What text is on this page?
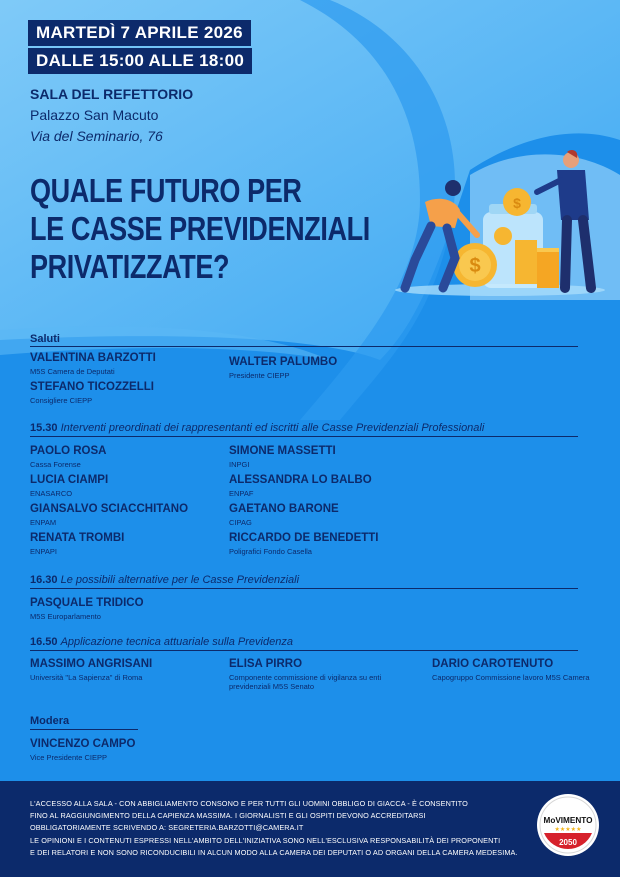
MARTEDÌ 7 APRILE 2026
DALLE 15:00 ALLE 18:00
SALA DEL REFETTORIO
Palazzo San Macuto
Via del Seminario, 76
QUALE FUTURO PER
LE CASSE PREVIDENZIALI
PRIVATIZZATE?	$
$
Saluti
VALENTINA BARZOTTI
M5S Camera de Deputati
STEFANO TICOZZELLI
Consigliere CIEPP
WALTER PALUMBO
Presidente CIEPP
15.30 Interventi preordinati dei rappresentanti ed iscritti alle Casse Previdenziali Professionali
PAOLO ROSA
Cassa Forense
LUCIA CIAMPI
ENASARCO
GIANSALVO SCIACCHITANO
ENPAM
RENATA TROMBI
ENPAPI
SIMONE MASSETTI
INPGI
ALESSANDRA LO BALBO
ENPAF
GAETANO BARONE
CIPAG
RICCARDO DE BENEDETTI
Poligrafici Fondo Casella
16.30 Le possibili alternative per le Casse Previdenziali
PASQUALE TRIDICO
M5S Europarlamento
16.50 Applicazione tecnica attuariale sulla Previdenza
MASSIMO ANGRISANI
Università "La Sapienza" di Roma
ELISA PIRRO
Componente commissione di vigilanza su enti previdenziali M5S Senato
DARIO CAROTENUTO
Capogruppo Commissione lavoro M5S Camera
Modera
VINCENZO CAMPO
Vice Presidente CIEPP
L'ACCESSO ALLA SALA - CON ABBIGLIAMENTO CONSONO E PER TUTTI GLI UOMINI OBBLIGO DI GIACCA - È CONSENTITO
FINO AL RAGGIUNGIMENTO DELLA CAPIENZA MASSIMA. I GIORNALISTI E GLI OSPITI DEVONO ACCREDITARSI
OBBLIGATORIAMENTE SCRIVENDO A: SEGRETERIA.BARZOTTI@CAMERA.IT
LE OPINIONI E I CONTENUTI ESPRESSI NELL'AMBITO DELL'INIZIATIVA SONO NELL'ESCLUSIVA RESPONSABILITÀ DEI PROPONENTI
E DEI RELATORI E NON SONO RICONDUCIBILI IN ALCUN MODO ALLA CAMERA DEI DEPUTATI O AD ORGANI DELLA CAMERA MEDESIMA.
MoVIMENTO
★★★★★
2050
